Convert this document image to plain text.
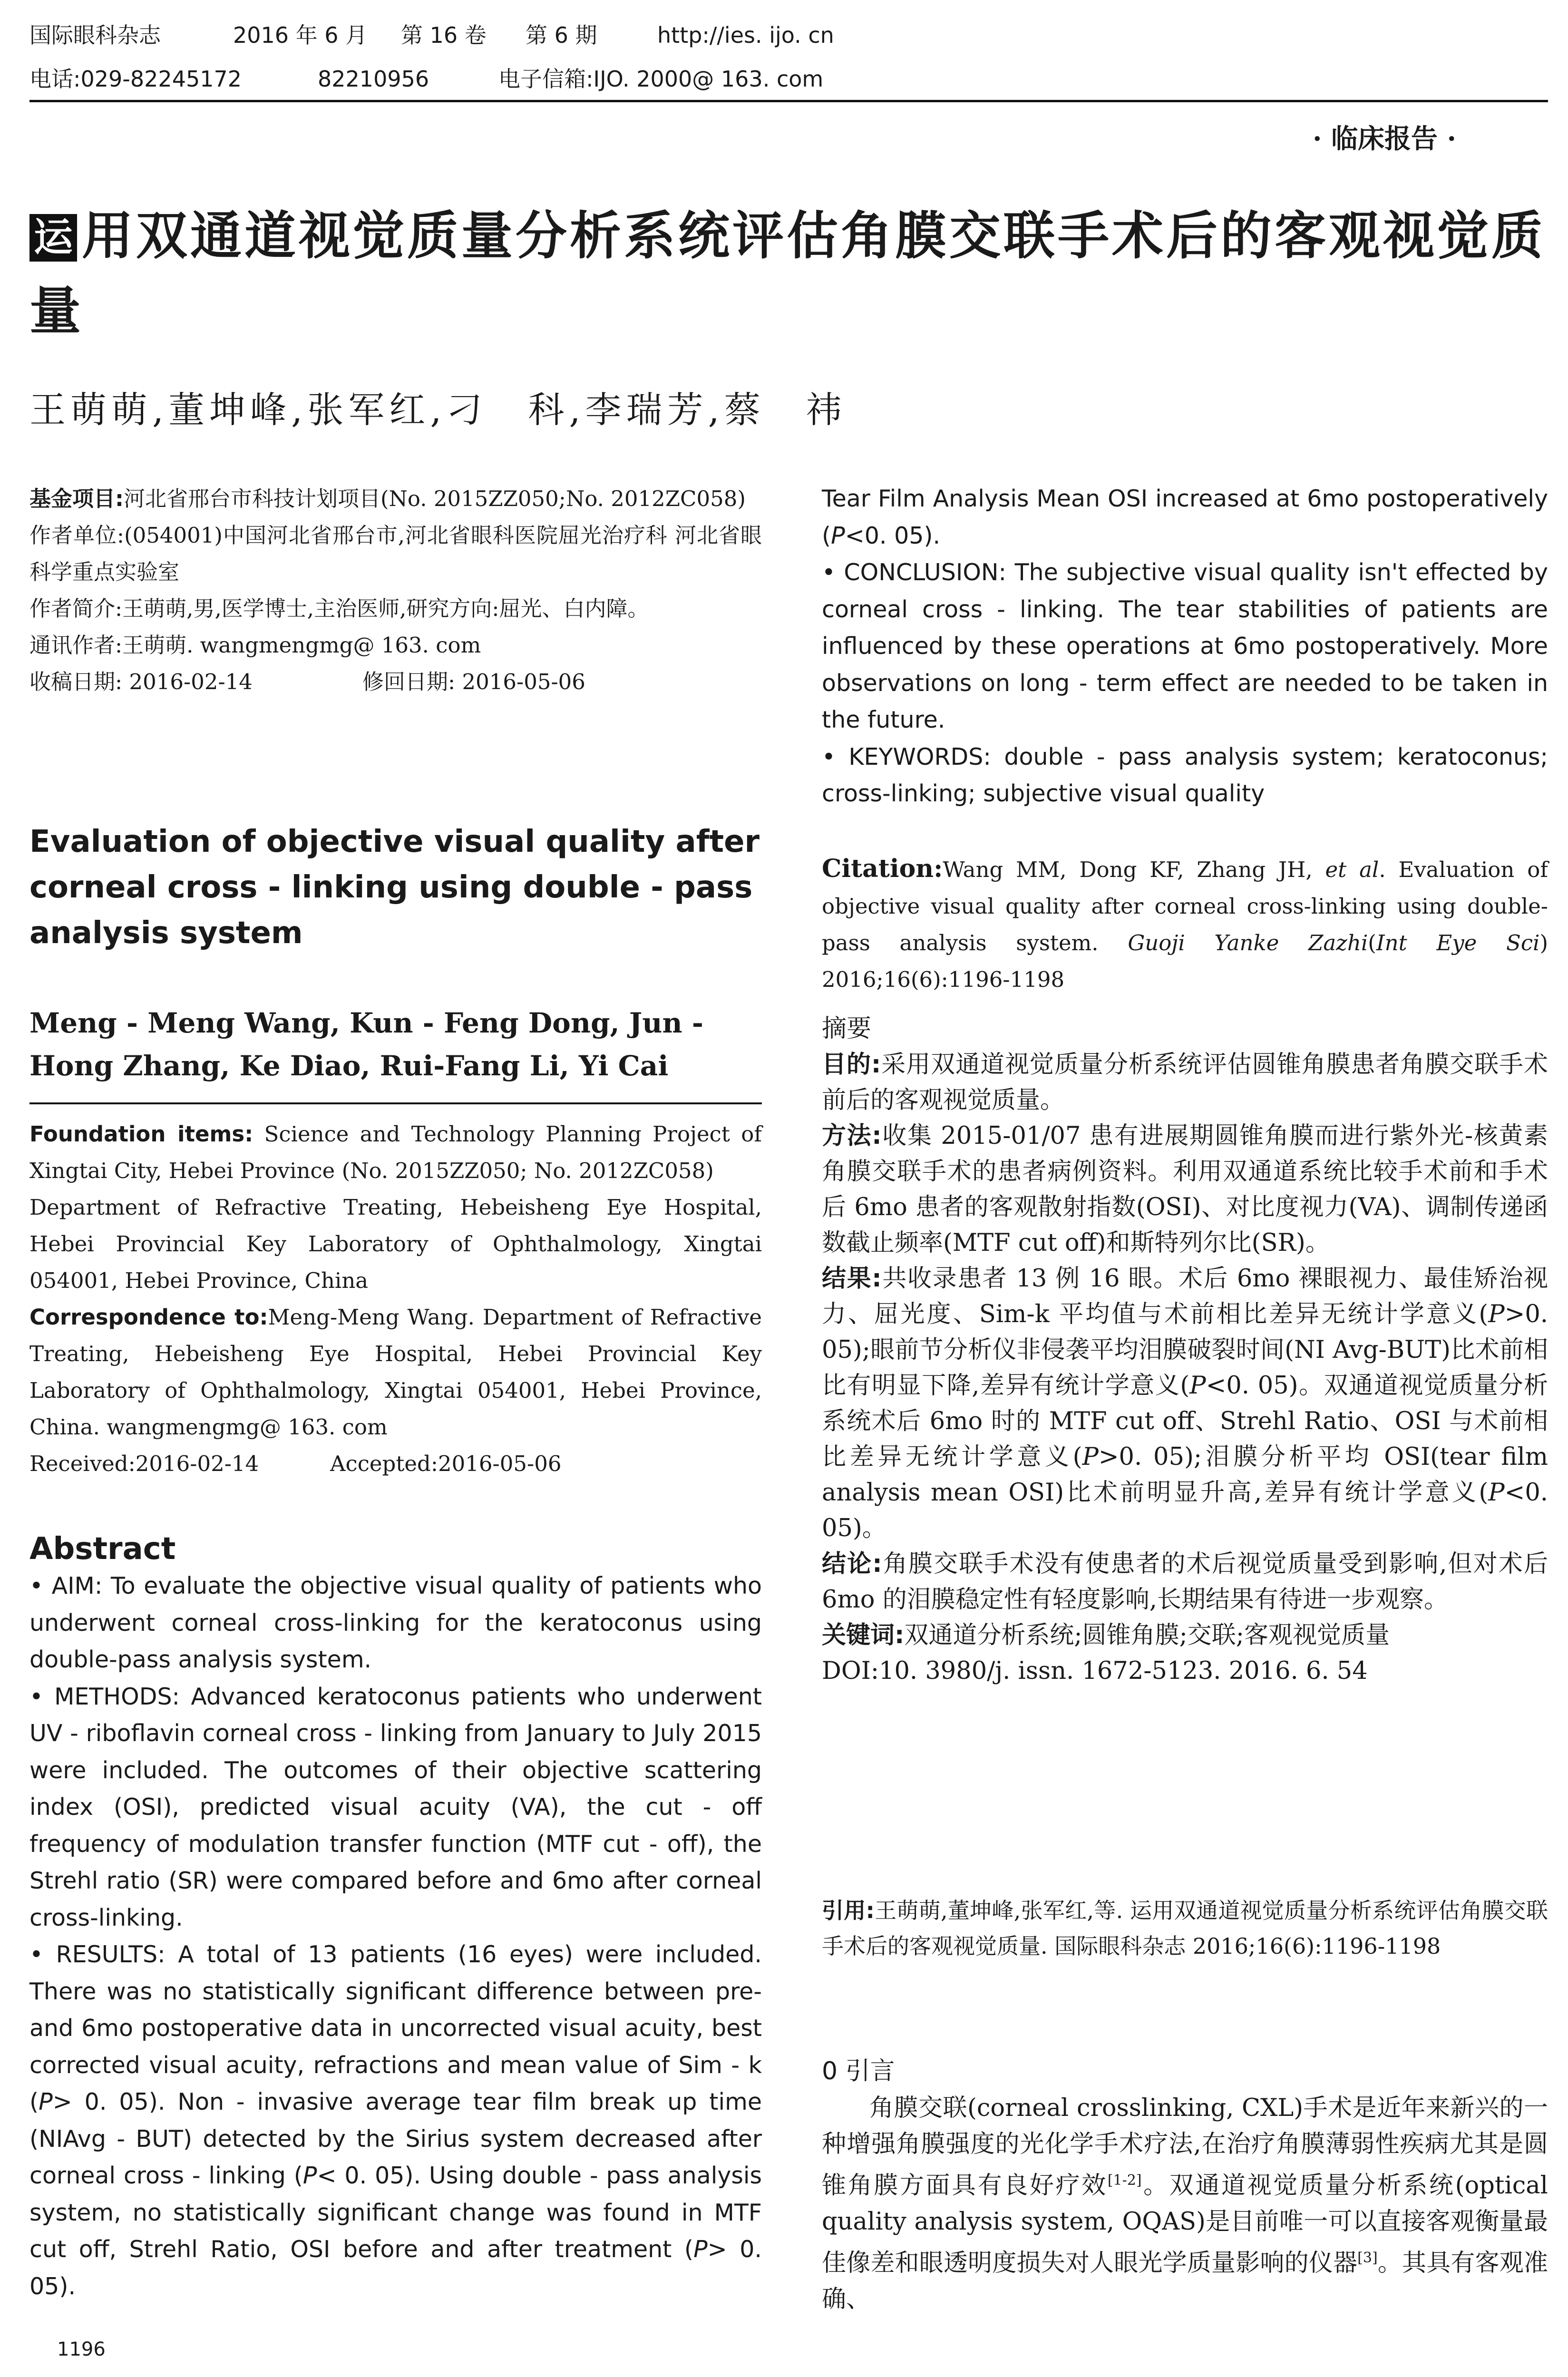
国际眼科杂志	2016 年 6 月 第 16 卷 第 6 期	http://ies. ijo. cn
电话:029-82245172	82210956	电子信箱:IJO. 2000@ 163. com
· 临床报告 ·
运 用双通道视觉质量分析系统评估角膜交联手术后的客观视觉质量
王萌萌,董坤峰,张军红,刁　科,李瑞芳,蔡　祎

基金项目:河北省邢台市科技计划项目(No. 2015ZZ050;No. 2012ZC058)

作者单位:(054001)中国河北省邢台市,河北省眼科医院屈光治疗科 河北省眼科学重点实验室

作者简介:王萌萌,男,医学博士,主治医师,研究方向:屈光、白内障。

通讯作者:王萌萌. wangmengmg@ 163. com

收稿日期: 2016-02-14	修回日期: 2016-05-06

Evaluation of objective visual quality after corneal cross - linking using double - pass analysis system
Meng - Meng Wang, Kun - Feng Dong, Jun - Hong Zhang, Ke Diao, Rui-Fang Li, Yi Cai

Foundation items: Science and Technology Planning Project of Xingtai City, Hebei Province (No. 2015ZZ050; No. 2012ZC058)

Department of Refractive Treating, Hebeisheng Eye Hospital, Hebei Provincial Key Laboratory of Ophthalmology, Xingtai 054001, Hebei Province, China

Correspondence to:Meng-Meng Wang. Department of Refractive Treating, Hebeisheng Eye Hospital, Hebei Provincial Key Laboratory of Ophthalmology, Xingtai 054001, Hebei Province, China. wangmengmg@ 163. com

Received:2016-02-14	Accepted:2016-05-06

Abstract

• AIM: To evaluate the objective visual quality of patients who underwent corneal cross-linking for the keratoconus using double-pass analysis system.

• METHODS: Advanced keratoconus patients who underwent UV - riboflavin corneal cross - linking from January to July 2015 were included. The outcomes of their objective scattering index (OSI), predicted visual acuity (VA), the cut - off frequency of modulation transfer function (MTF cut - off), the Strehl ratio (SR) were compared before and 6mo after corneal cross-linking.

• RESULTS: A total of 13 patients (16 eyes) were included. There was no statistically significant difference between pre- and 6mo postoperative data in uncorrected visual acuity, best corrected visual acuity, refractions and mean value of Sim - k (P> 0. 05). Non - invasive average tear film break up time (NIAvg - BUT) detected by the Sirius system decreased after corneal cross - linking (P< 0. 05). Using double - pass analysis system, no statistically significant change was found in MTF cut off, Strehl Ratio, OSI before and after treatment (P> 0. 05).

1196

Tear Film Analysis Mean OSI increased at 6mo postoperatively (P<0. 05).

• CONCLUSION: The subjective visual quality isn't effected by corneal cross - linking. The tear stabilities of patients are influenced by these operations at 6mo postoperatively. More observations on long - term effect are needed to be taken in the future.

• KEYWORDS: double - pass analysis system; keratoconus; cross-linking; subjective visual quality

Citation:Wang MM, Dong KF, Zhang JH, et al. Evaluation of objective visual quality after corneal cross-linking using double-pass analysis system. Guoji Yanke Zazhi(Int Eye Sci) 2016;16(6):1196-1198

摘要

目的:采用双通道视觉质量分析系统评估圆锥角膜患者角膜交联手术前后的客观视觉质量。

方法:收集 2015-01/07 患有进展期圆锥角膜而进行紫外光-核黄素角膜交联手术的患者病例资料。利用双通道系统比较手术前和手术后 6mo 患者的客观散射指数(OSI)、对比度视力(VA)、调制传递函数截止频率(MTF cut off)和斯特列尔比(SR)。

结果:共收录患者 13 例 16 眼。术后 6mo 裸眼视力、最佳矫治视力、屈光度、Sim-k 平均值与术前相比差异无统计学意义(P>0. 05);眼前节分析仪非侵袭平均泪膜破裂时间(NI Avg-BUT)比术前相比有明显下降,差异有统计学意义(P<0. 05)。双通道视觉质量分析系统术后 6mo 时的 MTF cut off、Strehl Ratio、OSI 与术前相比差异无统计学意义(P>0. 05);泪膜分析平均 OSI(tear film analysis mean OSI)比术前明显升高,差异有统计学意义(P<0. 05)。

结论:角膜交联手术没有使患者的术后视觉质量受到影响,但对术后 6mo 的泪膜稳定性有轻度影响,长期结果有待进一步观察。

关键词:双通道分析系统;圆锥角膜;交联;客观视觉质量

DOI:10. 3980/j. issn. 1672-5123. 2016. 6. 54

引用:王萌萌,董坤峰,张军红,等. 运用双通道视觉质量分析系统评估角膜交联手术后的客观视觉质量. 国际眼科杂志 2016;16(6):1196-1198
0 引言
角膜交联(corneal crosslinking, CXL)手术是近年来新兴的一种增强角膜强度的光化学手术疗法,在治疗角膜薄弱性疾病尤其是圆锥角膜方面具有良好疗效[1-2]。双通道视觉质量分析系统(optical quality analysis system, OQAS)是目前唯一可以直接客观衡量最佳像差和眼透明度损失对人眼光学质量影响的仪器[3]。其具有客观准确、
